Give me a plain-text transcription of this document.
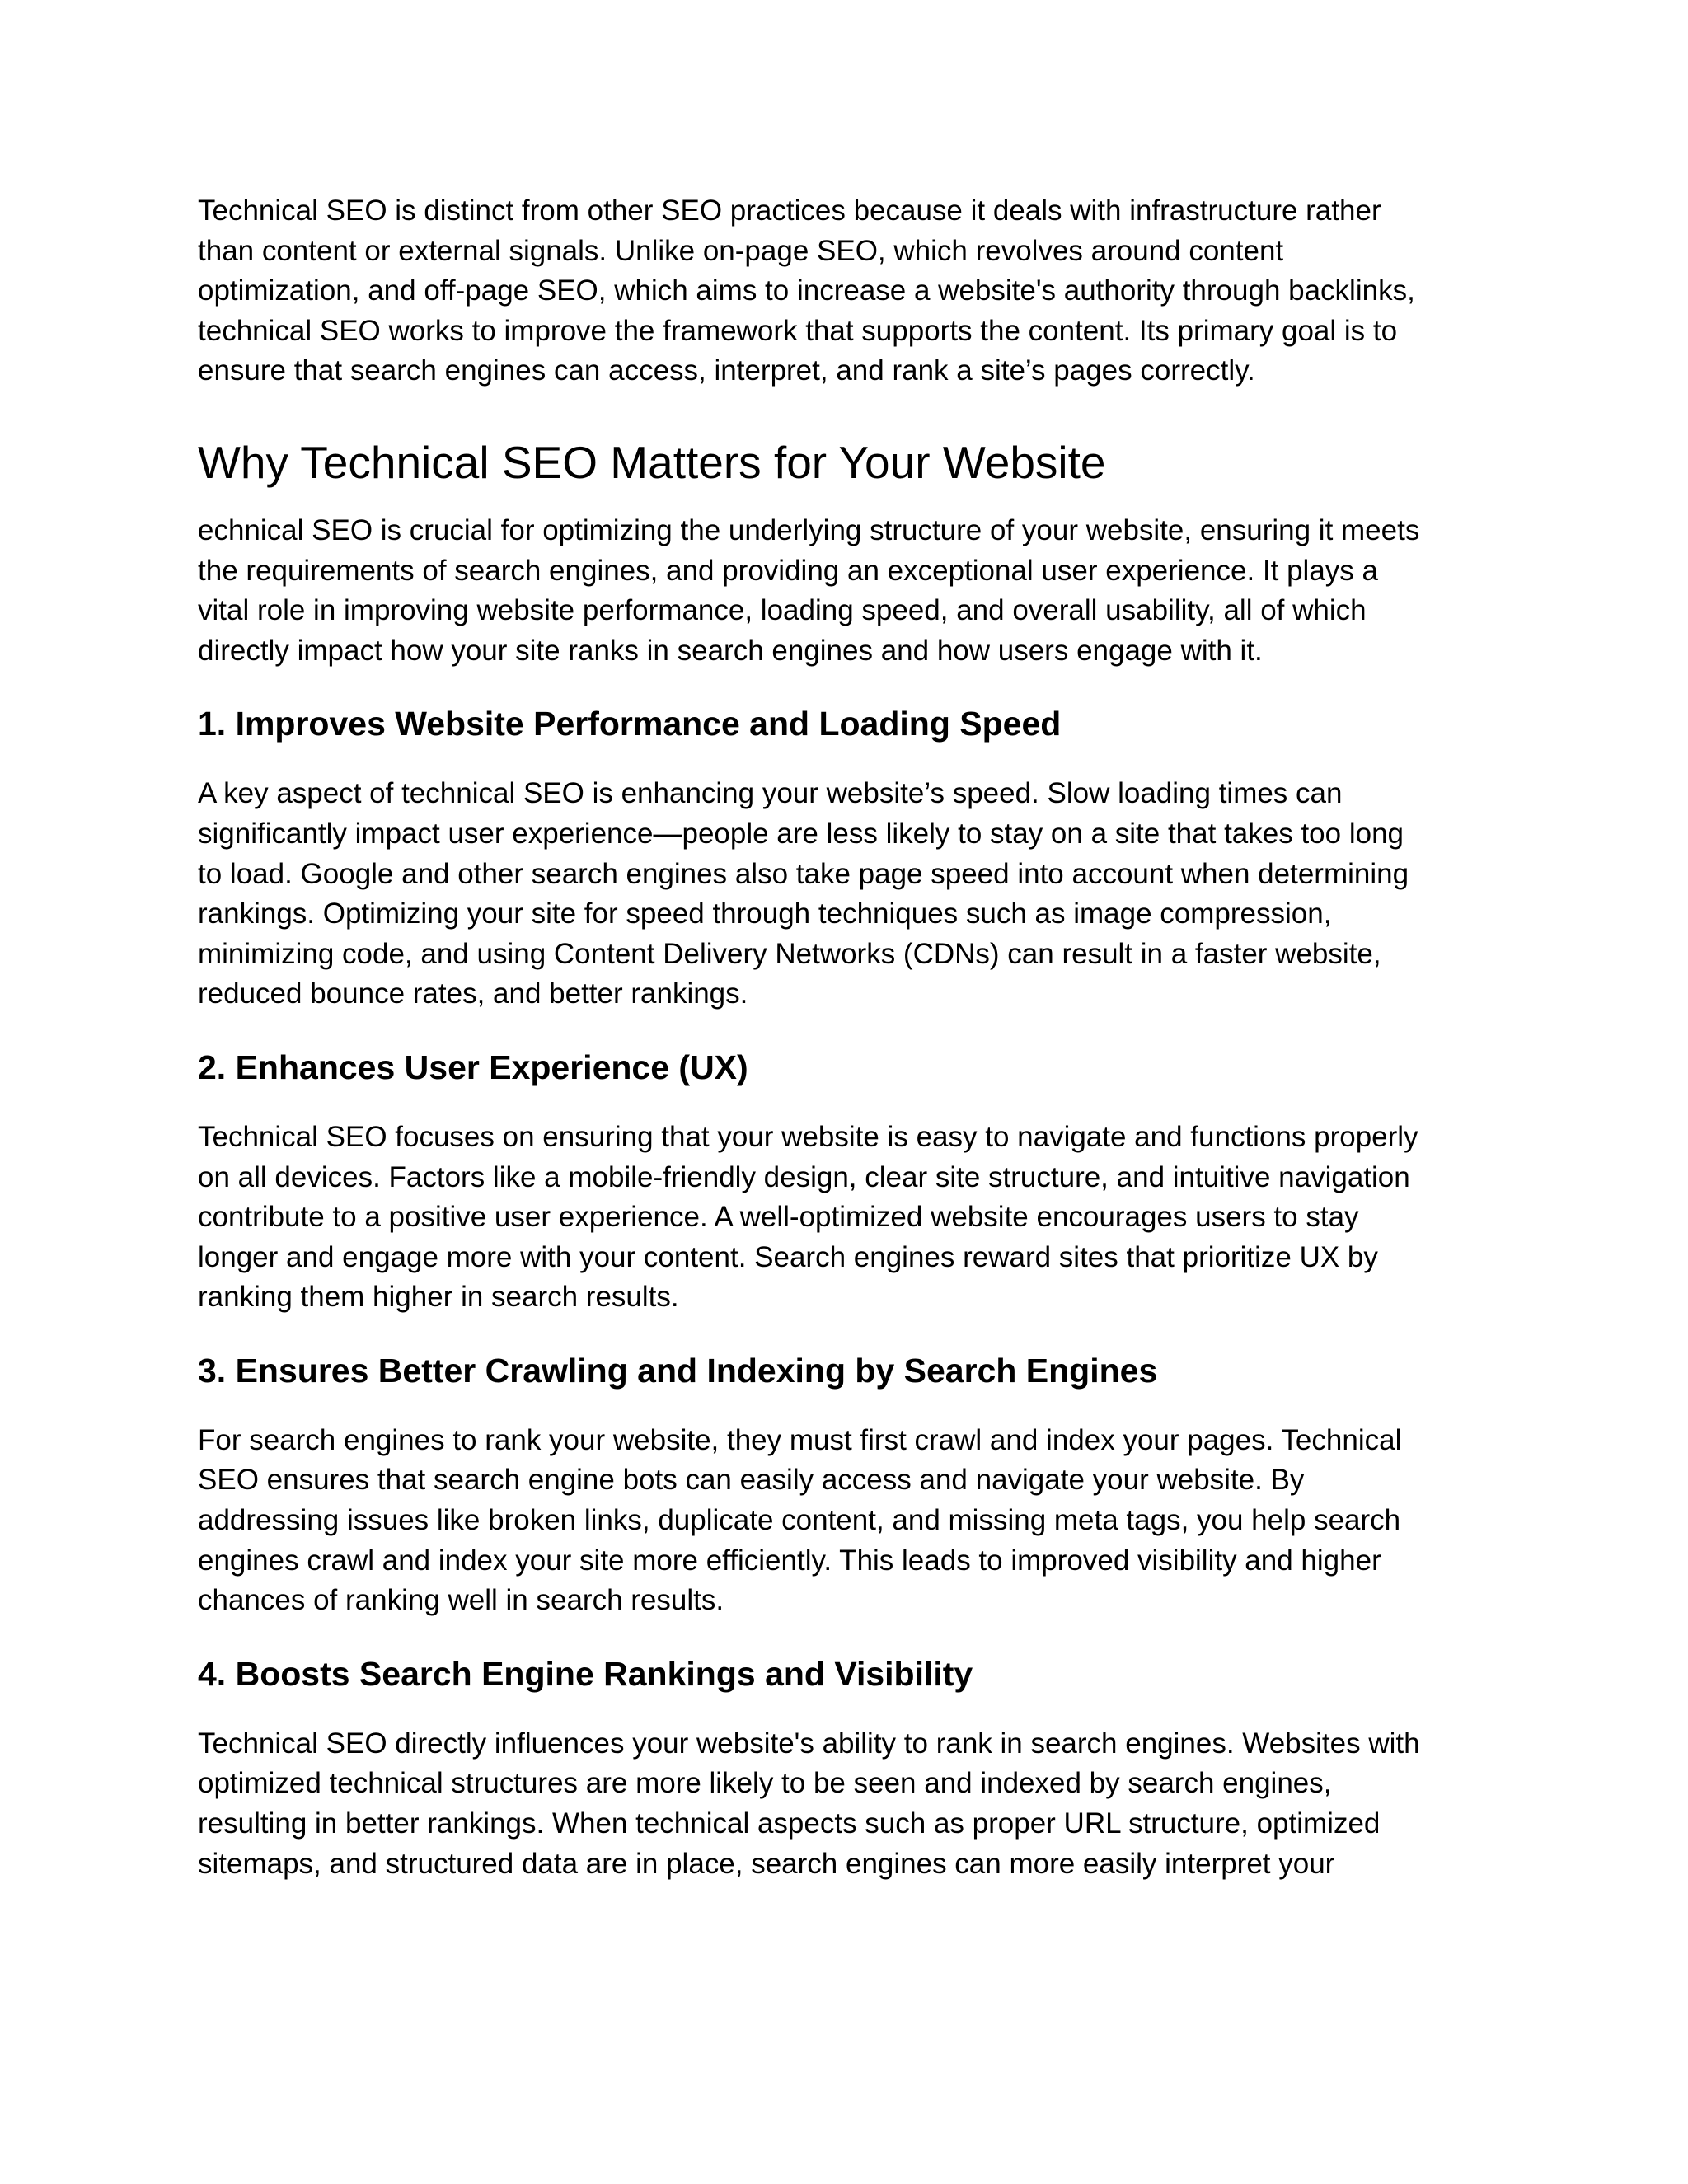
Technical SEO is distinct from other SEO practices because it deals with infrastructure rather
than content or external signals. Unlike on-page SEO, which revolves around content
optimization, and off-page SEO, which aims to increase a website's authority through backlinks,
technical SEO works to improve the framework that supports the content. Its primary goal is to
ensure that search engines can access, interpret, and rank a site’s pages correctly.

Why Technical SEO Matters for Your Website

echnical SEO is crucial for optimizing the underlying structure of your website, ensuring it meets
the requirements of search engines, and providing an exceptional user experience. It plays a
vital role in improving website performance, loading speed, and overall usability, all of which
directly impact how your site ranks in search engines and how users engage with it.

1. Improves Website Performance and Loading Speed

A key aspect of technical SEO is enhancing your website’s speed. Slow loading times can
significantly impact user experience—people are less likely to stay on a site that takes too long
to load. Google and other search engines also take page speed into account when determining
rankings. Optimizing your site for speed through techniques such as image compression,
minimizing code, and using Content Delivery Networks (CDNs) can result in a faster website,
reduced bounce rates, and better rankings.

2. Enhances User Experience (UX)

Technical SEO focuses on ensuring that your website is easy to navigate and functions properly
on all devices. Factors like a mobile-friendly design, clear site structure, and intuitive navigation
contribute to a positive user experience. A well-optimized website encourages users to stay
longer and engage more with your content. Search engines reward sites that prioritize UX by
ranking them higher in search results.

3. Ensures Better Crawling and Indexing by Search Engines

For search engines to rank your website, they must first crawl and index your pages. Technical
SEO ensures that search engine bots can easily access and navigate your website. By
addressing issues like broken links, duplicate content, and missing meta tags, you help search
engines crawl and index your site more efficiently. This leads to improved visibility and higher
chances of ranking well in search results.

4. Boosts Search Engine Rankings and Visibility

Technical SEO directly influences your website's ability to rank in search engines. Websites with
optimized technical structures are more likely to be seen and indexed by search engines,
resulting in better rankings. When technical aspects such as proper URL structure, optimized
sitemaps, and structured data are in place, search engines can more easily interpret your
